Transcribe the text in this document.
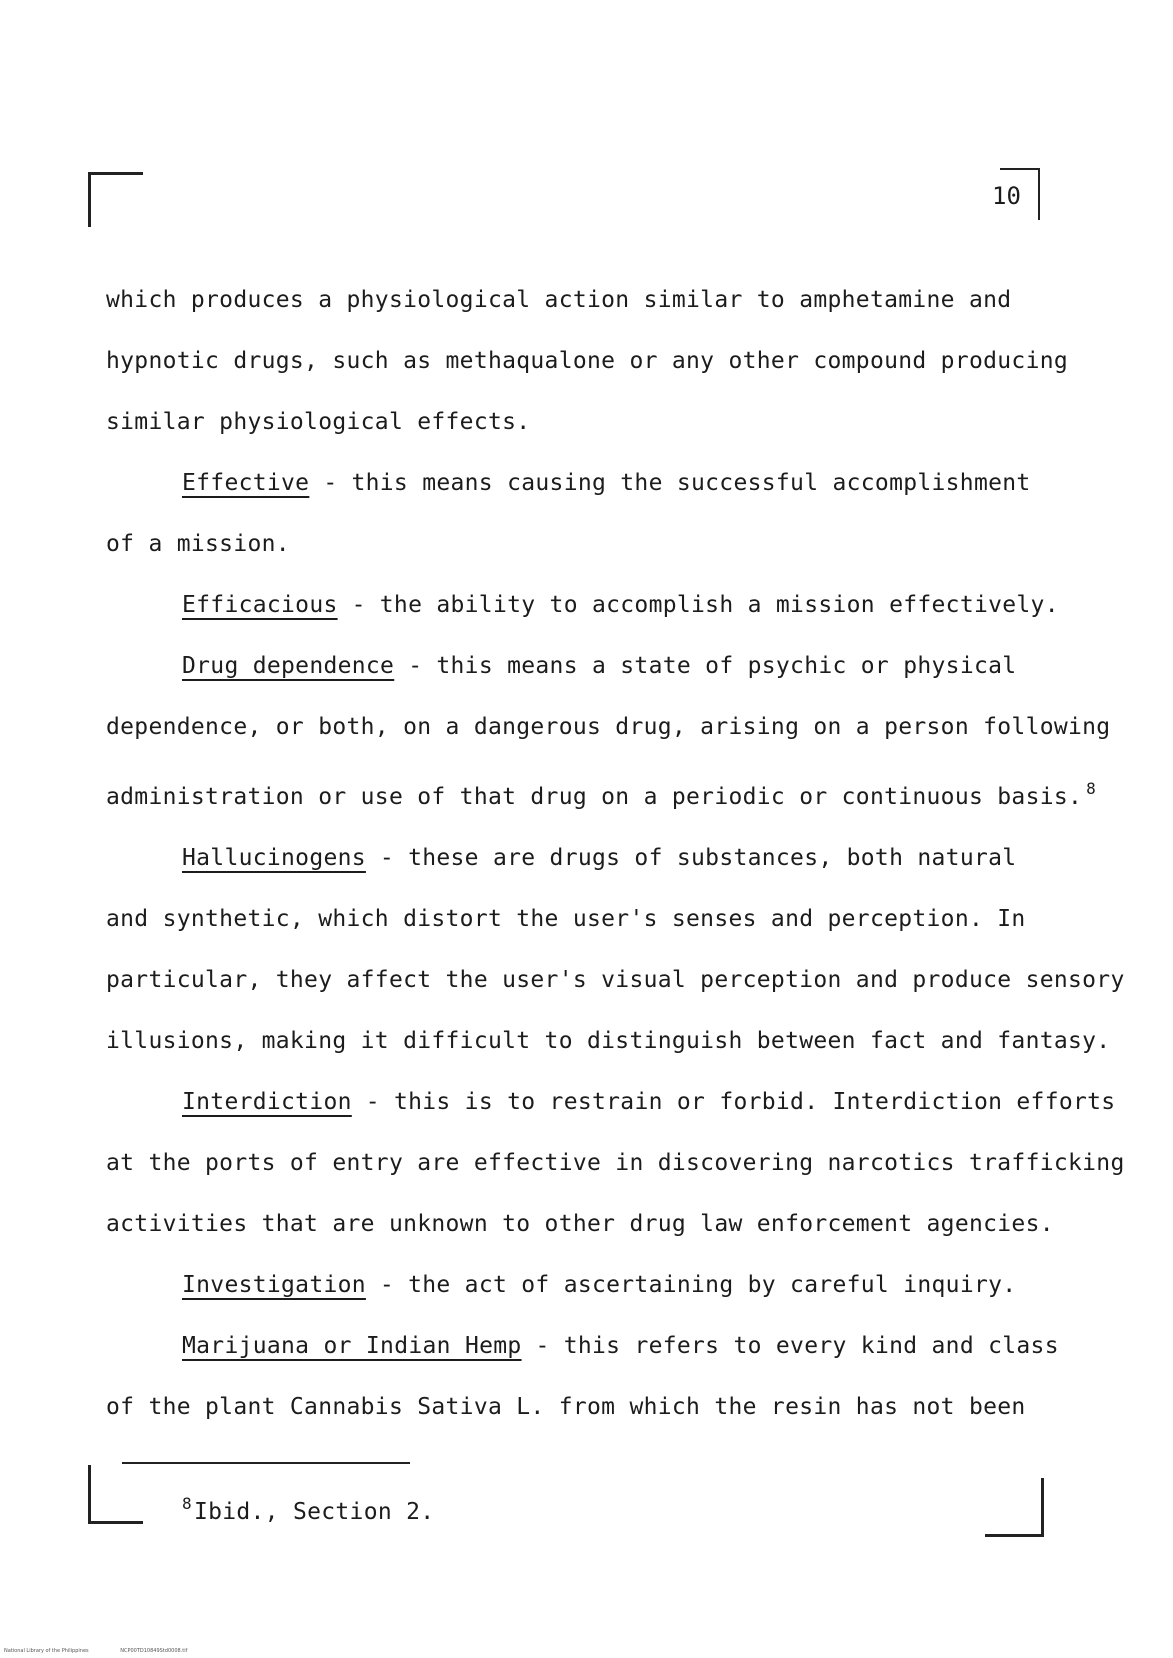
10
which produces a physiological action similar to amphetamine and
hypnotic drugs, such as methaqualone or any other compound producing
similar physiological effects.
Effective - this means causing the successful accomplishment
of a mission.
Efficacious - the ability to accomplish a mission effectively.
Drug dependence - this means a state of psychic or physical
dependence, or both, on a dangerous drug, arising on a person following
administration or use of that drug on a periodic or continuous basis. $^8$
Hallucinogens - these are drugs of substances, both natural
and synthetic, which distort the user's senses and perception. In
particular, they affect the user's visual perception and produce sensory
illusions, making it difficult to distinguish between fact and fantasy.
Interdiction - this is to restrain or forbid. Interdiction efforts
at the ports of entry are effective in discovering narcotics trafficking
activities that are unknown to other drug law enforcement agencies.
Investigation - the act of ascertaining by careful inquiry.
Marijuana or Indian Hemp - this refers to every kind and class
of the plant Cannabis Sativa L. from which the resin has not been
$^8$Ibid., Section 2.
National Library of the Philippines	NCP00TD10849Std0008.tif
